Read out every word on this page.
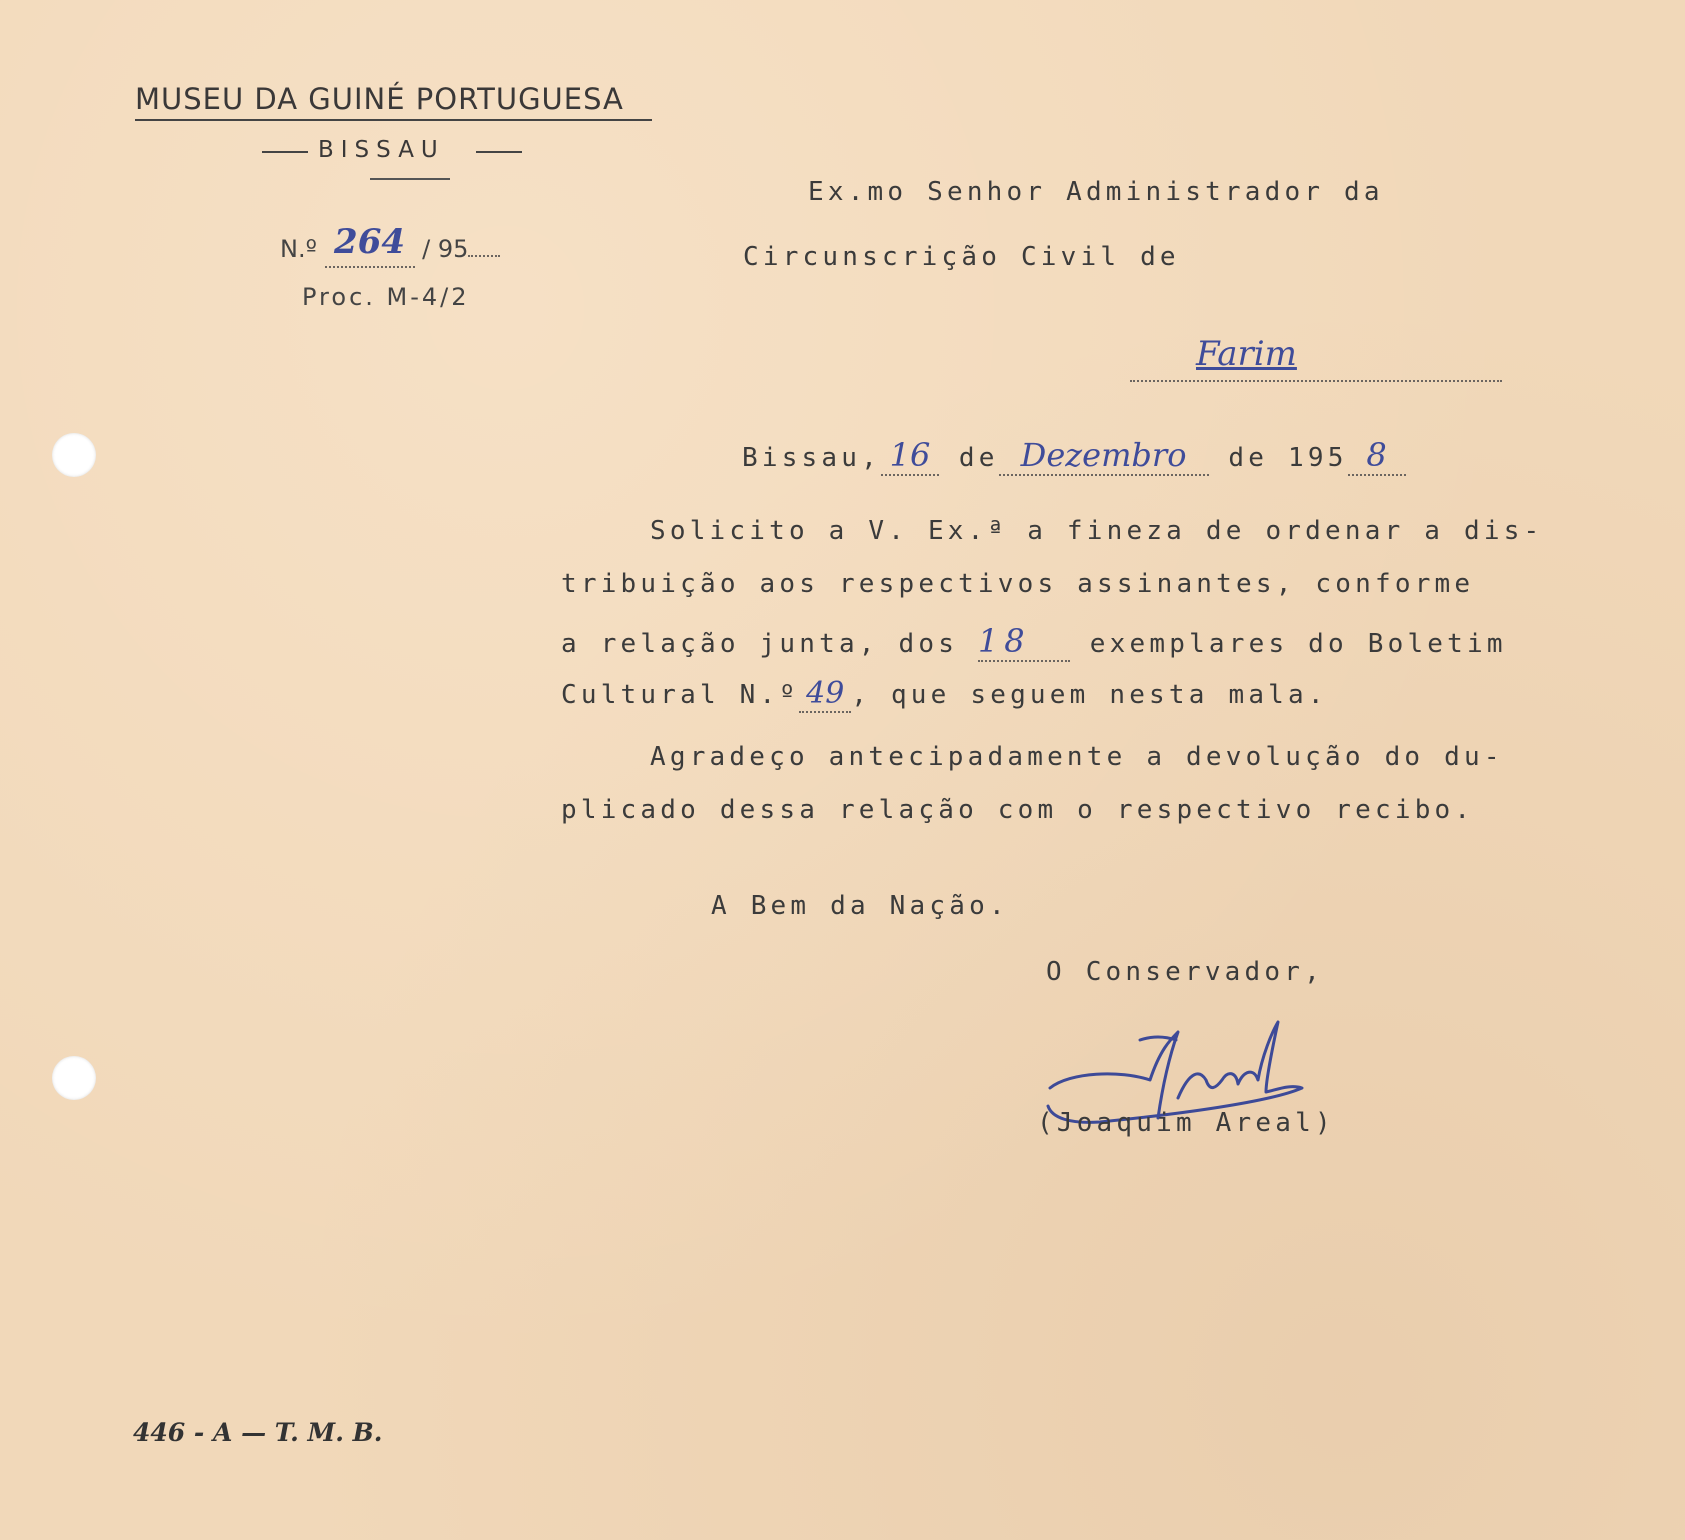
MUSEU DA GUINÉ PORTUGUESA
BISSAU
N.º 264 / 95
Proc. M-4/2
Ex.mo Senhor Administrador da
Circunscrição Civil de
Farim
Bissau, 16 de Dezembro de 195 8
Solicito a V. Ex.ª a fineza de ordenar a dis-
tribuição aos respectivos assinantes, conforme
a relação junta, dos 18 exemplares do Boletim
Cultural N.º 49 , que seguem nesta mala.
Agradeço antecipadamente a devolução do du-
plicado dessa relação com o respectivo recibo.
A Bem da Nação.
O Conservador,
(Joaquim Areal)
446 - A — T. M. B.
